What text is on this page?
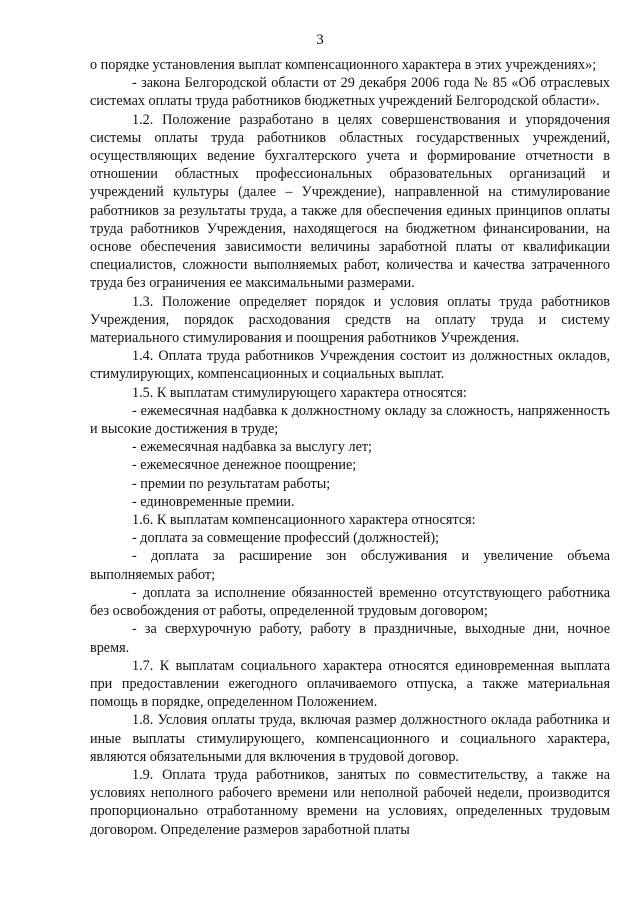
3

о порядке установления выплат компенсационного характера в этих учреждениях»;

- закона Белгородской области от 29 декабря 2006 года № 85 «Об отраслевых системах оплаты труда работников бюджетных учреждений Белгородской области».

1.2. Положение разработано в целях совершенствования и упорядочения системы оплаты труда работников областных государственных учреждений, осуществляющих ведение бухгалтерского учета и формирование отчетности в отношении областных профессиональных образовательных организаций и учреждений культуры (далее – Учреждение), направленной на стимулирование работников за результаты труда, а также для обеспечения единых принципов оплаты труда работников Учреждения, находящегося на бюджетном финансировании, на основе обеспечения зависимости величины заработной платы от квалификации специалистов, сложности выполняемых работ, количества и качества затраченного труда без ограничения ее максимальными размерами.

1.3. Положение определяет порядок и условия оплаты труда работников Учреждения, порядок расходования средств на оплату труда и систему материального стимулирования и поощрения работников Учреждения.

1.4. Оплата труда работников Учреждения состоит из должностных окладов, стимулирующих, компенсационных и социальных выплат.

1.5. К выплатам стимулирующего характера относятся:

- ежемесячная надбавка к должностному окладу за сложность, напряженность и высокие достижения в труде;

- ежемесячная надбавка за выслугу лет;

- ежемесячное денежное поощрение;

- премии по результатам работы;

- единовременные премии.

1.6. К выплатам компенсационного характера относятся:

- доплата за совмещение профессий (должностей);

- доплата за расширение зон обслуживания и увеличение объема выполняемых работ;

- доплата за исполнение обязанностей временно отсутствующего работника без освобождения от работы, определенной трудовым договором;

- за сверхурочную работу, работу в праздничные, выходные дни, ночное время.

1.7. К выплатам социального характера относятся единовременная выплата при предоставлении ежегодного оплачиваемого отпуска, а также материальная помощь в порядке, определенном Положением.

1.8. Условия оплаты труда, включая размер должностного оклада работника и иные выплаты стимулирующего, компенсационного и социального характера, являются обязательными для включения в трудовой договор.

1.9. Оплата труда работников, занятых по совместительству, а также на условиях неполного рабочего времени или неполной рабочей недели, производится пропорционально отработанному времени на условиях, определенных трудовым договором. Определение размеров заработной платы
